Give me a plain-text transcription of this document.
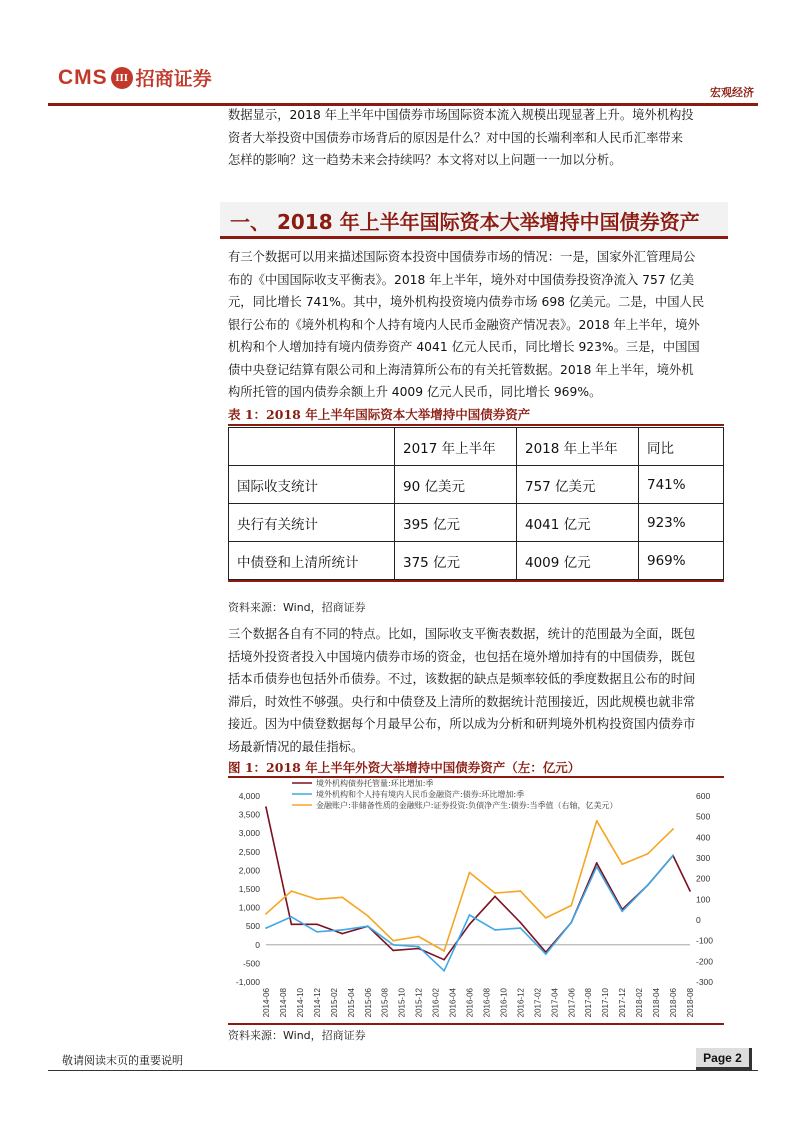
CMS III 招商证券
宏观经济
数据显示，2018 年上半年中国债券市场国际资本流入规模出现显著上升。境外机构投
资者大举投资中国债券市场背后的原因是什么？对中国的长端利率和人民币汇率带来
怎样的影响？这一趋势未来会持续吗？本文将对以上问题一一加以分析。
一、 2018 年上半年国际资本大举增持中国债券资产
有三个数据可以用来描述国际资本投资中国债券市场的情况：一是，国家外汇管理局公
布的《中国国际收支平衡表》。2018 年上半年，境外对中国债券投资净流入 757 亿美
元，同比增长 741%。其中，境外机构投资境内债券市场 698 亿美元。二是，中国人民
银行公布的《境外机构和个人持有境内人民币金融资产情况表》。2018 年上半年，境外
机构和个人增加持有境内债券资产 4041 亿元人民币，同比增长 923%。三是，中国国
债中央登记结算有限公司和上海清算所公布的有关托管数据。2018 年上半年，境外机
构所托管的国内债券余额上升 4009 亿元人民币，同比增长 969%。
表 1：2018 年上半年国际资本大举增持中国债券资产
	2017 年上半年	2018 年上半年	同比
国际收支统计	90 亿美元	757 亿美元	741%
央行有关统计	395 亿元	4041 亿元	923%
中债登和上清所统计	375 亿元	4009 亿元	969%
资料来源：Wind，招商证券
三个数据各自有不同的特点。比如，国际收支平衡表数据，统计的范围最为全面，既包
括境外投资者投入中国境内债券市场的资金，也包括在境外增加持有的中国债券，既包
括本币债券也包括外币债券。不过，该数据的缺点是频率较低的季度数据且公布的时间
滞后，时效性不够强。央行和中债登及上清所的数据统计范围接近，因此规模也就非常
接近。因为中债登数据每个月最早公布，所以成为分析和研判境外机构投资国内债券市
场最新情况的最佳指标。
图 1：2018 年上半年外资大举增持中国债券资产（左：亿元）
-1,000
-500
0
500
1,000
1,500
2,000
2,500
3,000
3,500
4,000
-300
-200
-100
0
100
200
300
400
500
600
2014-06 2014-08 2014-10 2014-12 2015-02 2015-04 2015-06 2015-08 2015-10 2015-12 2016-02 2016-04 2016-06 2016-08 2016-10 2016-12 2017-02 2017-04 2017-06 2017-08 2017-10 2017-12 2018-02 2018-04 2018-06 2018-08
境外机构债券托管量:环比增加:季
境外机构和个人持有境内人民币金融资产:债券:环比增加:季
金融账户:非储备性质的金融账户:证券投资:负债净产生:债券:当季值（右轴，亿美元）
资料来源：Wind，招商证券
敬请阅读末页的重要说明	Page 2
